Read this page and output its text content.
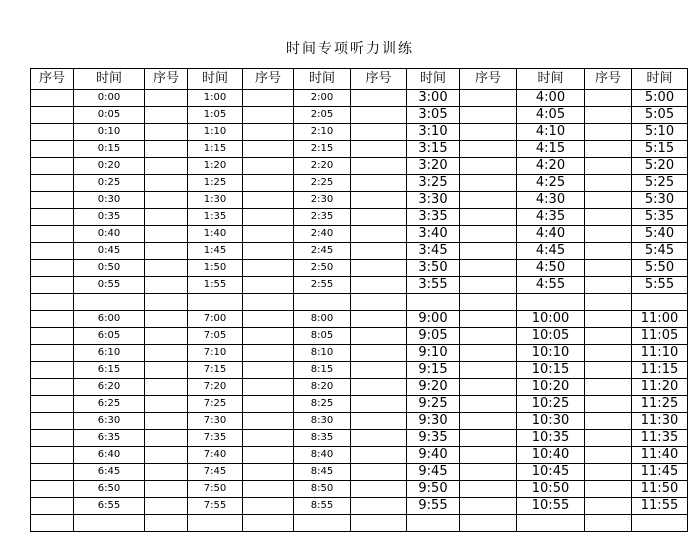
时间专项听力训练
序号	时间	序号	时间	序号	时间	序号	时间	序号	时间	序号	时间
	0:00		1:00		2:00		3:00		4:00		5:00
	0:05		1:05		2:05		3:05		4:05		5:05
	0:10		1:10		2:10		3:10		4:10		5:10
	0:15		1:15		2:15		3:15		4:15		5:15
	0:20		1:20		2:20		3:20		4:20		5:20
	0:25		1:25		2:25		3:25		4:25		5:25
	0:30		1:30		2:30		3:30		4:30		5:30
	0:35		1:35		2:35		3:35		4:35		5:35
	0:40		1:40		2:40		3:40		4:40		5:40
	0:45		1:45		2:45		3:45		4:45		5:45
	0:50		1:50		2:50		3:50		4:50		5:50
	0:55		1:55		2:55		3:55		4:55		5:55

	6:00		7:00		8:00		9:00		10:00		11:00
	6:05		7:05		8:05		9:05		10:05		11:05
	6:10		7:10		8:10		9:10		10:10		11:10
	6:15		7:15		8:15		9:15		10:15		11:15
	6:20		7:20		8:20		9:20		10:20		11:20
	6:25		7:25		8:25		9:25		10:25		11:25
	6:30		7:30		8:30		9:30		10:30		11:30
	6:35		7:35		8:35		9:35		10:35		11:35
	6:40		7:40		8:40		9:40		10:40		11:40
	6:45		7:45		8:45		9:45		10:45		11:45
	6:50		7:50		8:50		9:50		10:50		11:50
	6:55		7:55		8:55		9:55		10:55		11:55
